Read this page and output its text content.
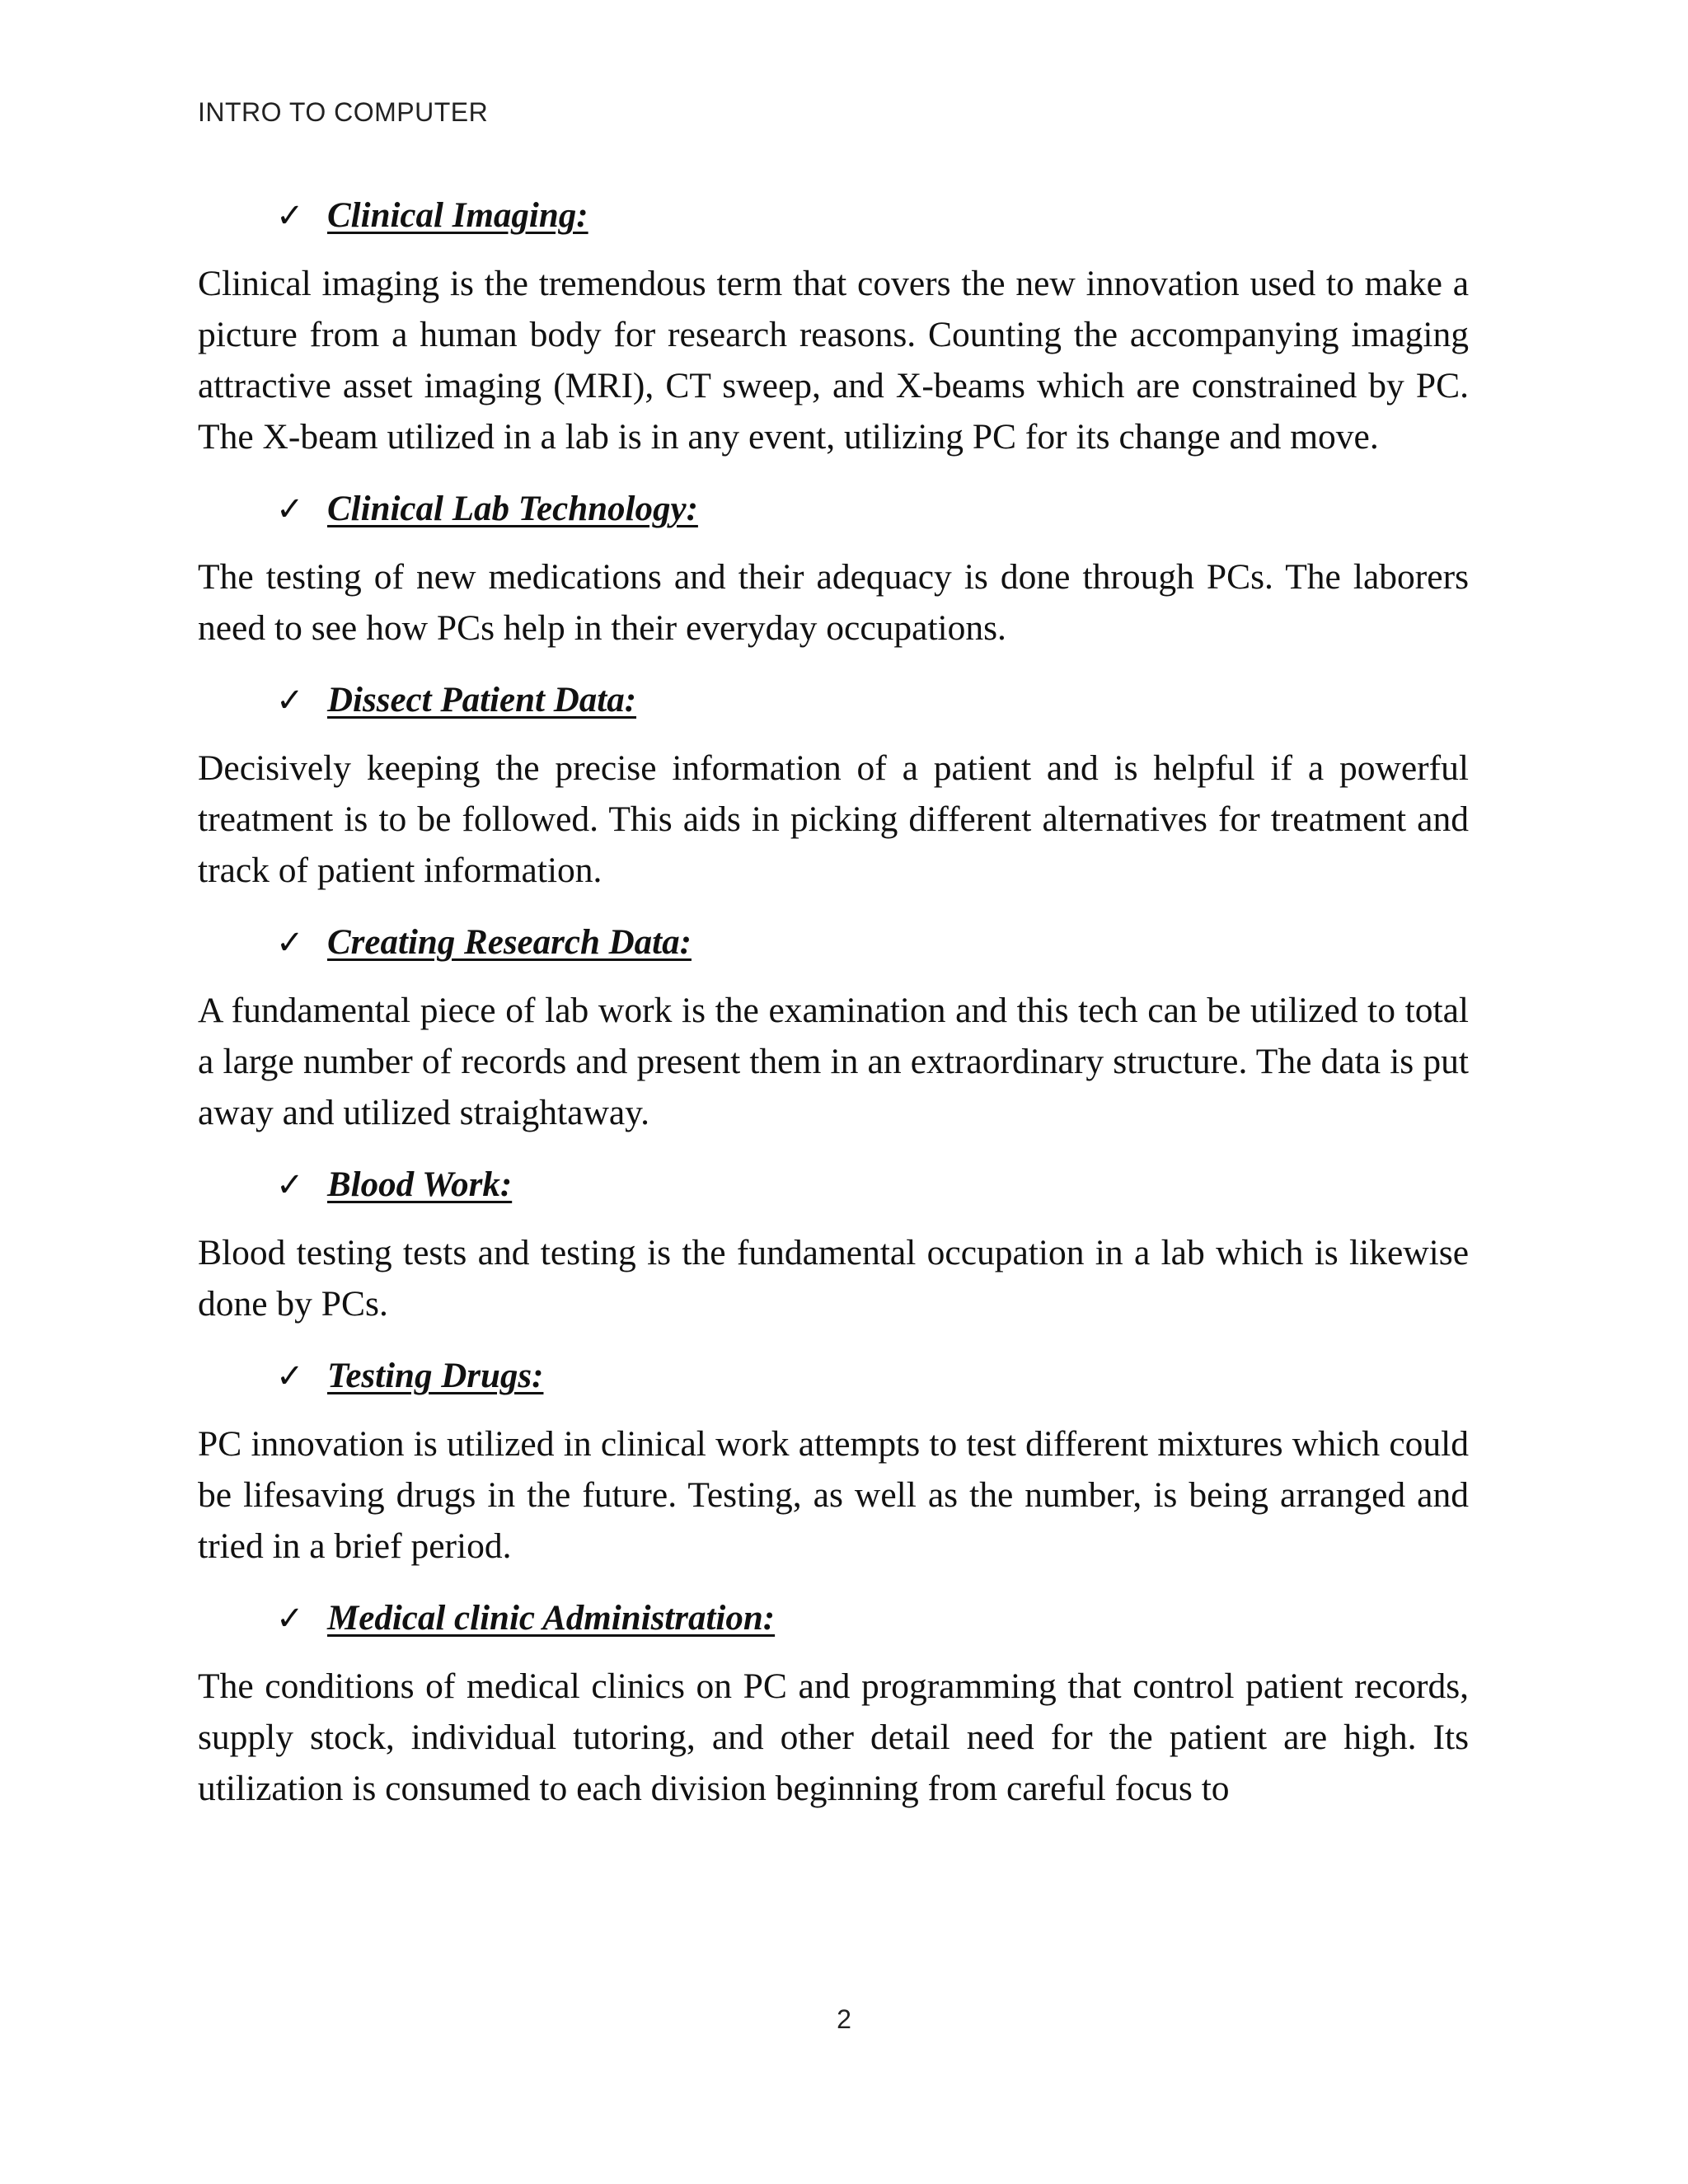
INTRO TO COMPUTER
✓ Clinical Imaging:

Clinical imaging is the tremendous term that covers the new innovation used to make a picture from a human body for research reasons. Counting the accompanying imaging attractive asset imaging (MRI), CT sweep, and X-beams which are constrained by PC. The X-beam utilized in a lab is in any event, utilizing PC for its change and move.

✓ Clinical Lab Technology:

The testing of new medications and their adequacy is done through PCs. The laborers need to see how PCs help in their everyday occupations.

✓ Dissect Patient Data:

Decisively keeping the precise information of a patient and is helpful if a powerful treatment is to be followed. This aids in picking different alternatives for treatment and track of patient information.

✓ Creating Research Data:

A fundamental piece of lab work is the examination and this tech can be utilized to total a large number of records and present them in an extraordinary structure. The data is put away and utilized straightaway.

✓ Blood Work:

Blood testing tests and testing is the fundamental occupation in a lab which is likewise done by PCs.

✓ Testing Drugs:

PC innovation is utilized in clinical work attempts to test different mixtures which could be lifesaving drugs in the future. Testing, as well as the number, is being arranged and tried in a brief period.

✓ Medical clinic Administration:

The conditions of medical clinics on PC and programming that control patient records, supply stock, individual tutoring, and other detail need for the patient are high. Its utilization is consumed to each division beginning from careful focus to

2
